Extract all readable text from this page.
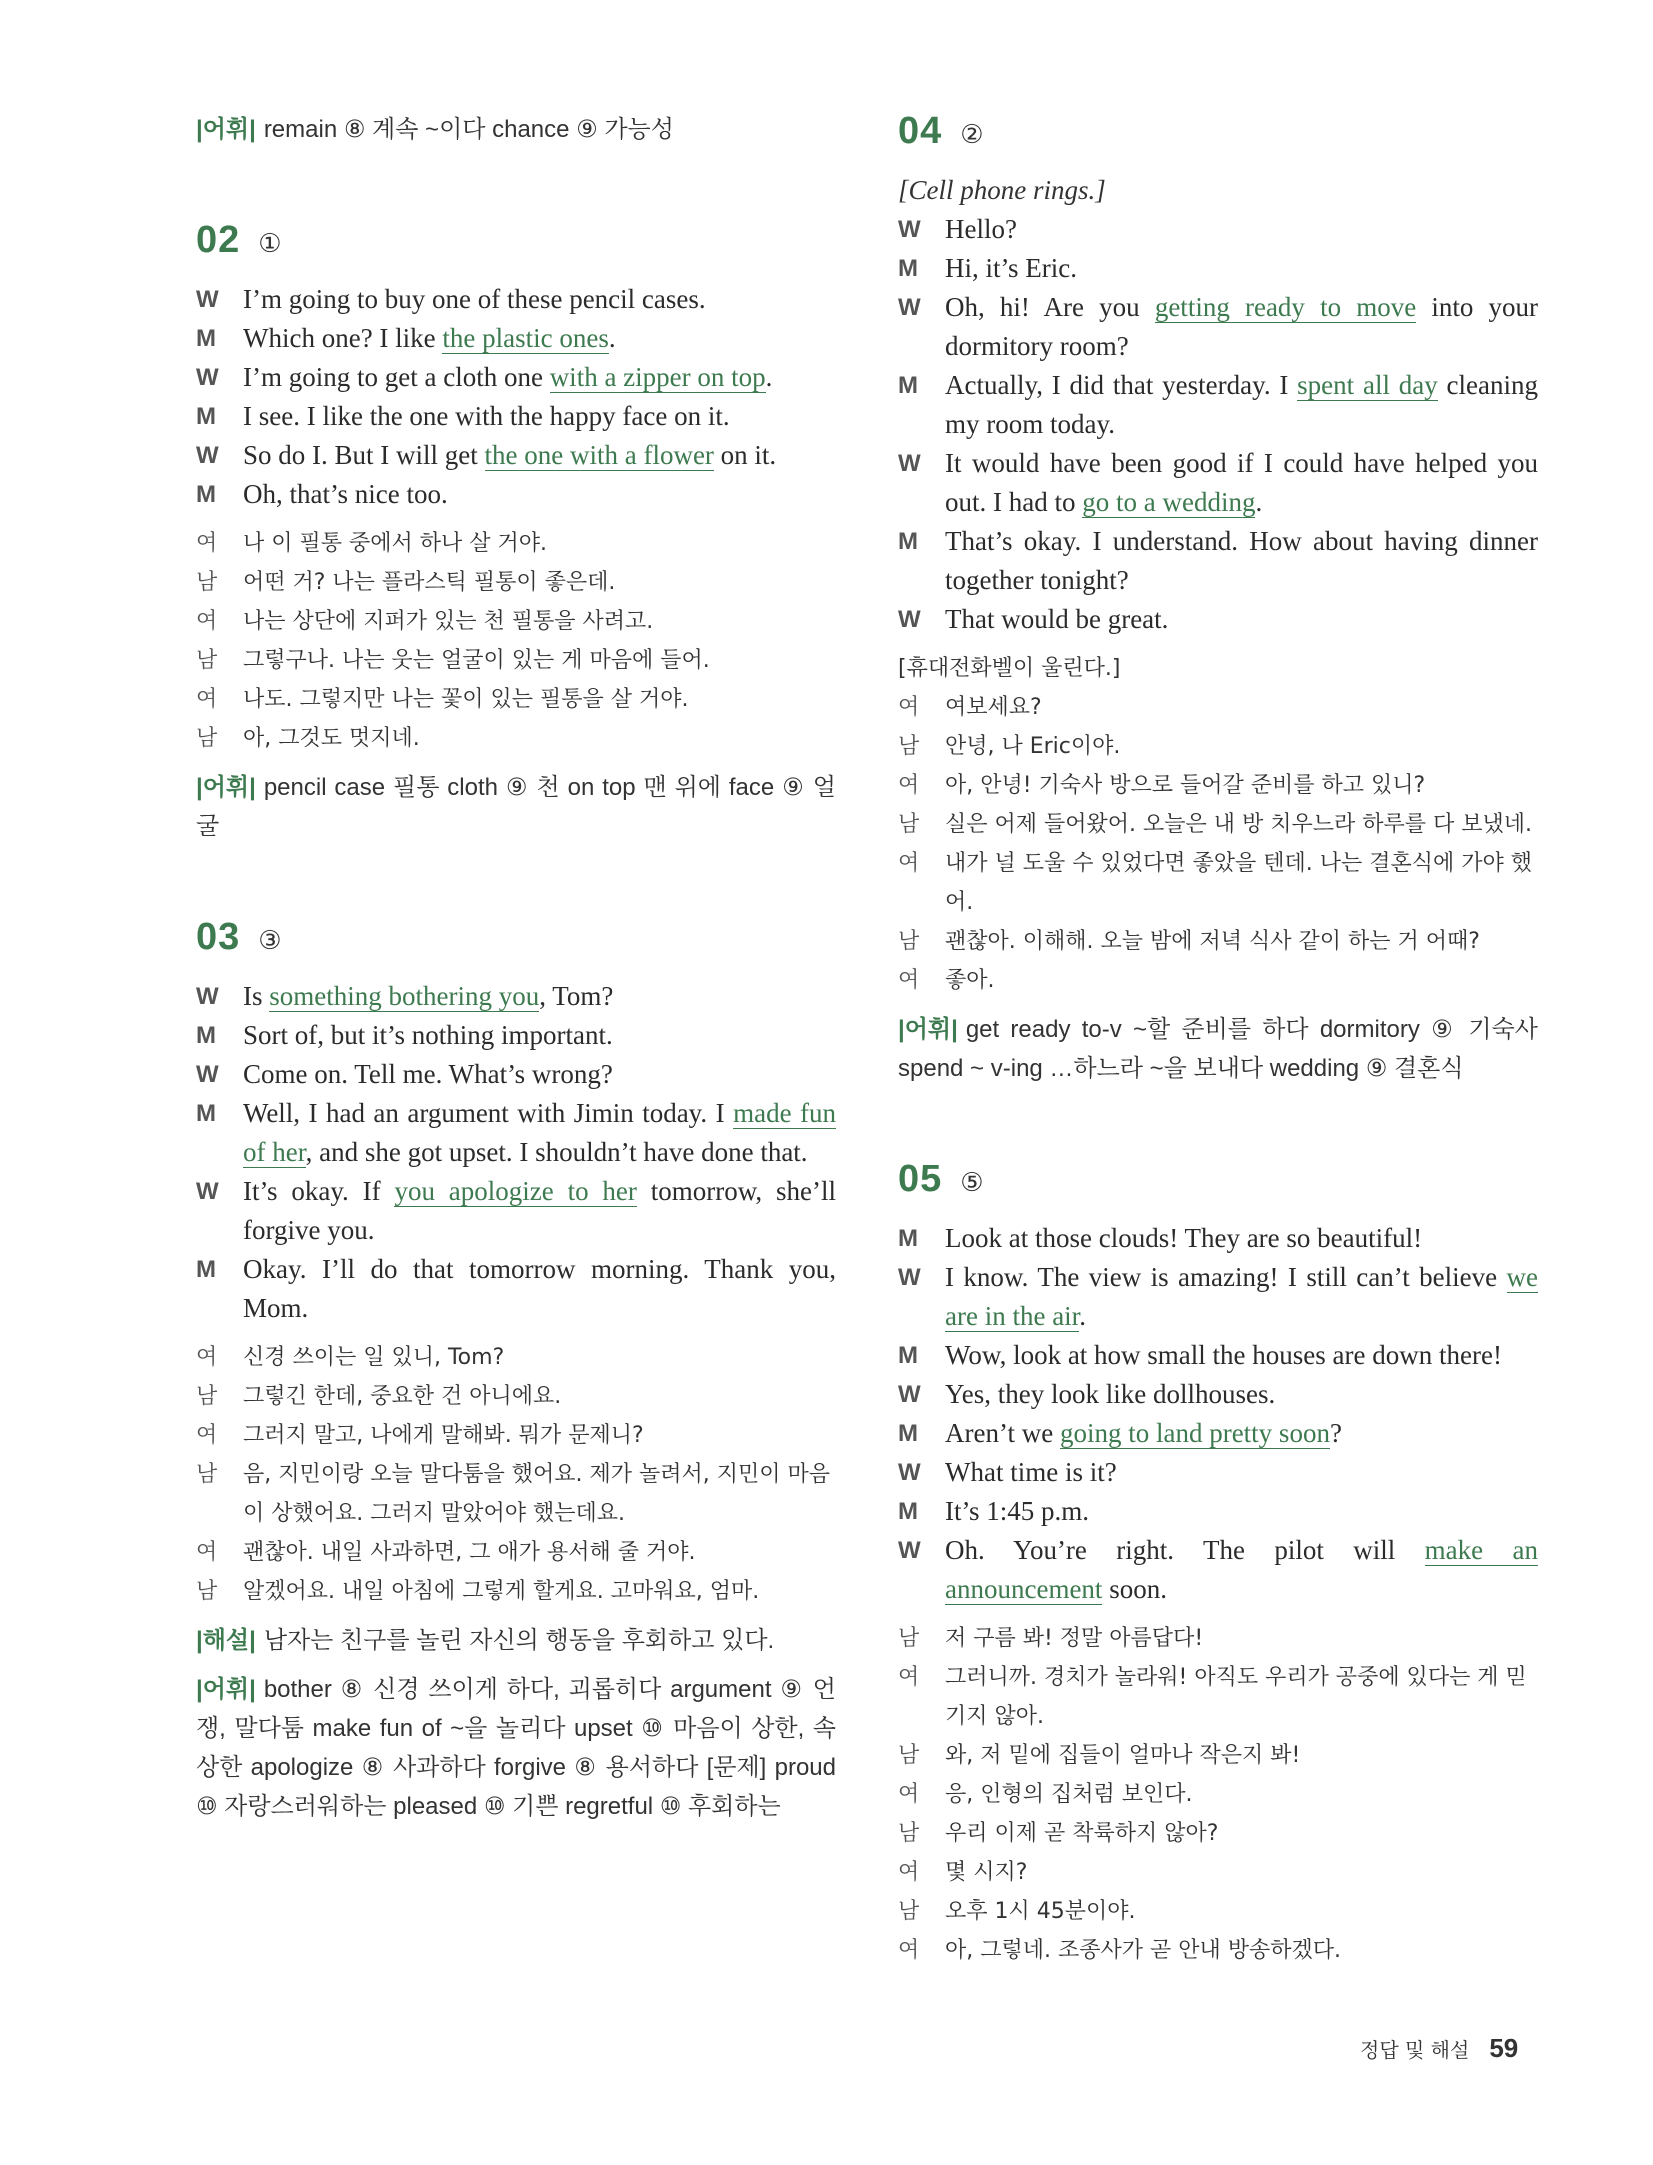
|어휘| remain ⑧ 계속 ~이다 chance ⑨ 가능성
02 ①
W I’m going to buy one of these pencil cases.
M	Which one? I like the plastic ones.
W I’m going to get a cloth one with a zipper on top.
M	I see. I like the one with the happy face on it.
W So do I. But I will get the one with a flower on it.
M	Oh, that’s nice too.
여	나 이 필통 중에서 하나 살 거야.
남	어떤 거? 나는 플라스틱 필통이 좋은데.
여	나는 상단에 지퍼가 있는 천 필통을 사려고.
남	그렇구나. 나는 웃는 얼굴이 있는 게 마음에 들어.
여	나도. 그렇지만 나는 꽃이 있는 필통을 살 거야.
남	아, 그것도 멋지네.
|어휘| pencil case 필통 cloth ⑨ 천 on top 맨 위에 face ⑨ 얼굴
03 ③
W Is something bothering you, Tom?
M	Sort of, but it’s nothing important.
W Come on. Tell me. What’s wrong?
M	Well, I had an argument with Jimin today. I made fun of her, and she got upset. I shouldn’t have done that.
W It’s okay. If you apologize to her tomorrow, she’ll forgive you.
M	Okay. I’ll do that tomorrow morning. Thank you, Mom.
여	신경 쓰이는 일 있니, Tom?
남	그렇긴 한데, 중요한 건 아니에요.
여	그러지 말고, 나에게 말해봐. 뭐가 문제니?
남	음, 지민이랑 오늘 말다툼을 했어요. 제가 놀려서, 지민이 마음이 상했어요. 그러지 말았어야 했는데요.
여	괜찮아. 내일 사과하면, 그 애가 용서해 줄 거야.
남	알겠어요. 내일 아침에 그렇게 할게요. 고마워요, 엄마.
|해설| 남자는 친구를 놀린 자신의 행동을 후회하고 있다.
|어휘| bother ⑧ 신경 쓰이게 하다, 괴롭히다 argument ⑨ 언쟁, 말다툼 make fun of ~을 놀리다 upset ⑩ 마음이 상한, 속상한 apologize ⑧ 사과하다 forgive ⑧ 용서하다 [문제] proud ⑩ 자랑스러워하는 pleased ⑩ 기쁜 regretful ⑩ 후회하는
04 ②
[Cell phone rings.]
W Hello?
M	Hi, it’s Eric.
W Oh, hi! Are you getting ready to move into your dormitory room?
M	Actually, I did that yesterday. I spent all day cleaning my room today.
W It would have been good if I could have helped you out. I had to go to a wedding.
M	That’s okay. I understand. How about having dinner together tonight?
W That would be great.
[휴대전화벨이 울린다.]
여	여보세요?
남	안녕, 나 Eric이야.
여	아, 안녕! 기숙사 방으로 들어갈 준비를 하고 있니?
남	실은 어제 들어왔어. 오늘은 내 방 치우느라 하루를 다 보냈네.
여	내가 널 도울 수 있었다면 좋았을 텐데. 나는 결혼식에 가야 했어.
남	괜찮아. 이해해. 오늘 밤에 저녁 식사 같이 하는 거 어때?
여	좋아.
|어휘| get ready to-v ~할 준비를 하다 dormitory ⑨ 기숙사 spend ~ v-ing …하느라 ~을 보내다 wedding ⑨ 결혼식
05 ⑤
M	Look at those clouds! They are so beautiful!
W I know. The view is amazing! I still can’t believe we are in the air.
M	Wow, look at how small the houses are down there!
W Yes, they look like dollhouses.
M	Aren’t we going to land pretty soon?
W What time is it?
M	It’s 1:45 p.m.
W Oh. You’re right. The pilot will make an announcement soon.
남	저 구름 봐! 정말 아름답다!
여	그러니까. 경치가 놀라워! 아직도 우리가 공중에 있다는 게 믿기지 않아.
남	와, 저 밑에 집들이 얼마나 작은지 봐!
여	응, 인형의 집처럼 보인다.
남	우리 이제 곧 착륙하지 않아?
여	몇 시지?
남	오후 1시 45분이야.
여	아, 그렇네. 조종사가 곧 안내 방송하겠다.
정답 및 해설 59
